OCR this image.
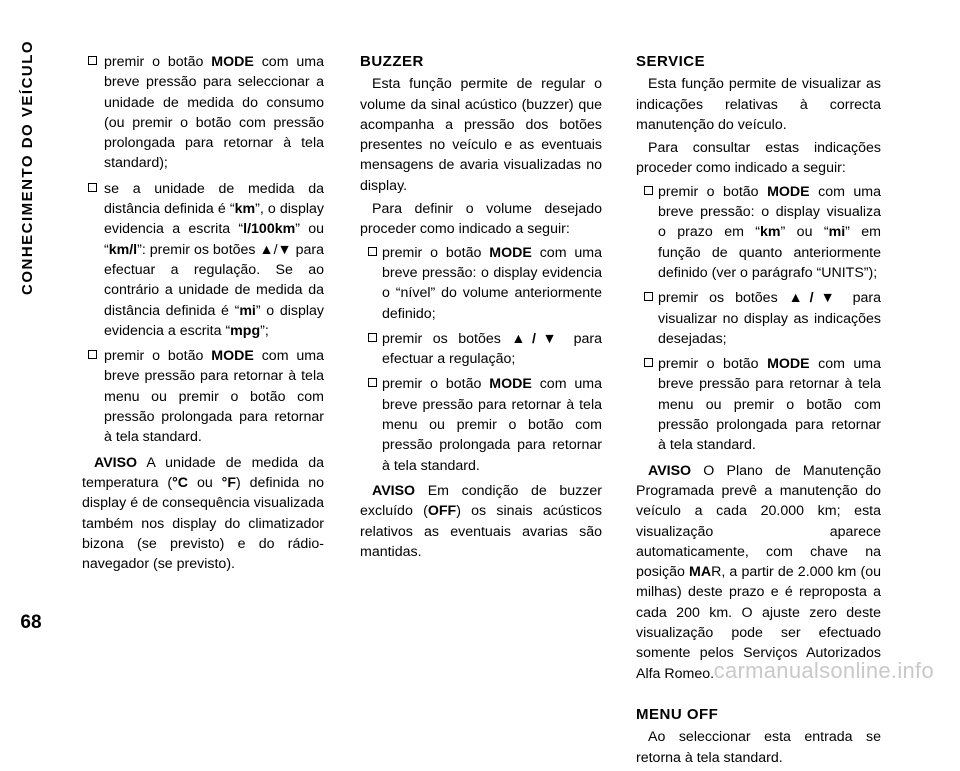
CONHECIMENTO DO VEÍCULO
68
premir o botão MODE com uma breve pressão para seleccionar a unidade de medida do consumo (ou premir o botão com pressão prolongada para retornar à tela standard);
se a unidade de medida da distância definida é “km”, o display evidencia a escrita “l/100km” ou “km/l”: premir os botões ▲/▼ para efectuar a regulação. Se ao contrário a unidade de medida da distância definida é “mi” o display evidencia a escrita “mpg”;
premir o botão MODE com uma breve pressão para retornar à tela menu ou premir o botão com pressão prolongada para retornar à tela standard.

AVISO A unidade de medida da temperatura (°C ou °F) definida no display é de consequência visualizada também nos display do climatizador bizona (se previsto) e do rádio-navegador (se previsto).

BUZZER

Esta função permite de regular o volume da sinal acústico (buzzer) que acompanha a pressão dos botões presentes no veículo e as eventuais mensagens de avaria visualizadas no display.

Para definir o volume desejado proceder como indicado a seguir:

premir o botão MODE com uma breve pressão: o display evidencia o “nível” do volume anteriormente definido;
premir os botões ▲/▼ para efectuar a regulação;
premir o botão MODE com uma breve pressão para retornar à tela menu ou premir o botão com pressão prolongada para retornar à tela standard.

AVISO Em condição de buzzer excluído (OFF) os sinais acústicos relativos as eventuais avarias são mantidas.

SERVICE

Esta função permite de visualizar as indicações relativas à correcta manutenção do veículo.

Para consultar estas indicações proceder como indicado a seguir:

premir o botão MODE com uma breve pressão: o display visualiza o prazo em “km” ou “mi” em função de quanto anteriormente definido (ver o parágrafo “UNITS”);
premir os botões ▲/▼ para visualizar no display as indicações desejadas;
premir o botão MODE com uma breve pressão para retornar à tela menu ou premir o botão com pressão prolongada para retornar à tela standard.

AVISO O Plano de Manutenção Programada prevê a manutenção do veículo a cada 20.000 km; esta visualização aparece automaticamente, com chave na posição MAR, a partir de 2.000 km (ou milhas) deste prazo e é reproposta a cada 200 km. O ajuste zero deste visualização pode ser efectuado somente pelos Serviços Autorizados Alfa Romeo.

MENU OFF

Ao seleccionar esta entrada se retorna à tela standard.

carmanualsonline.info
